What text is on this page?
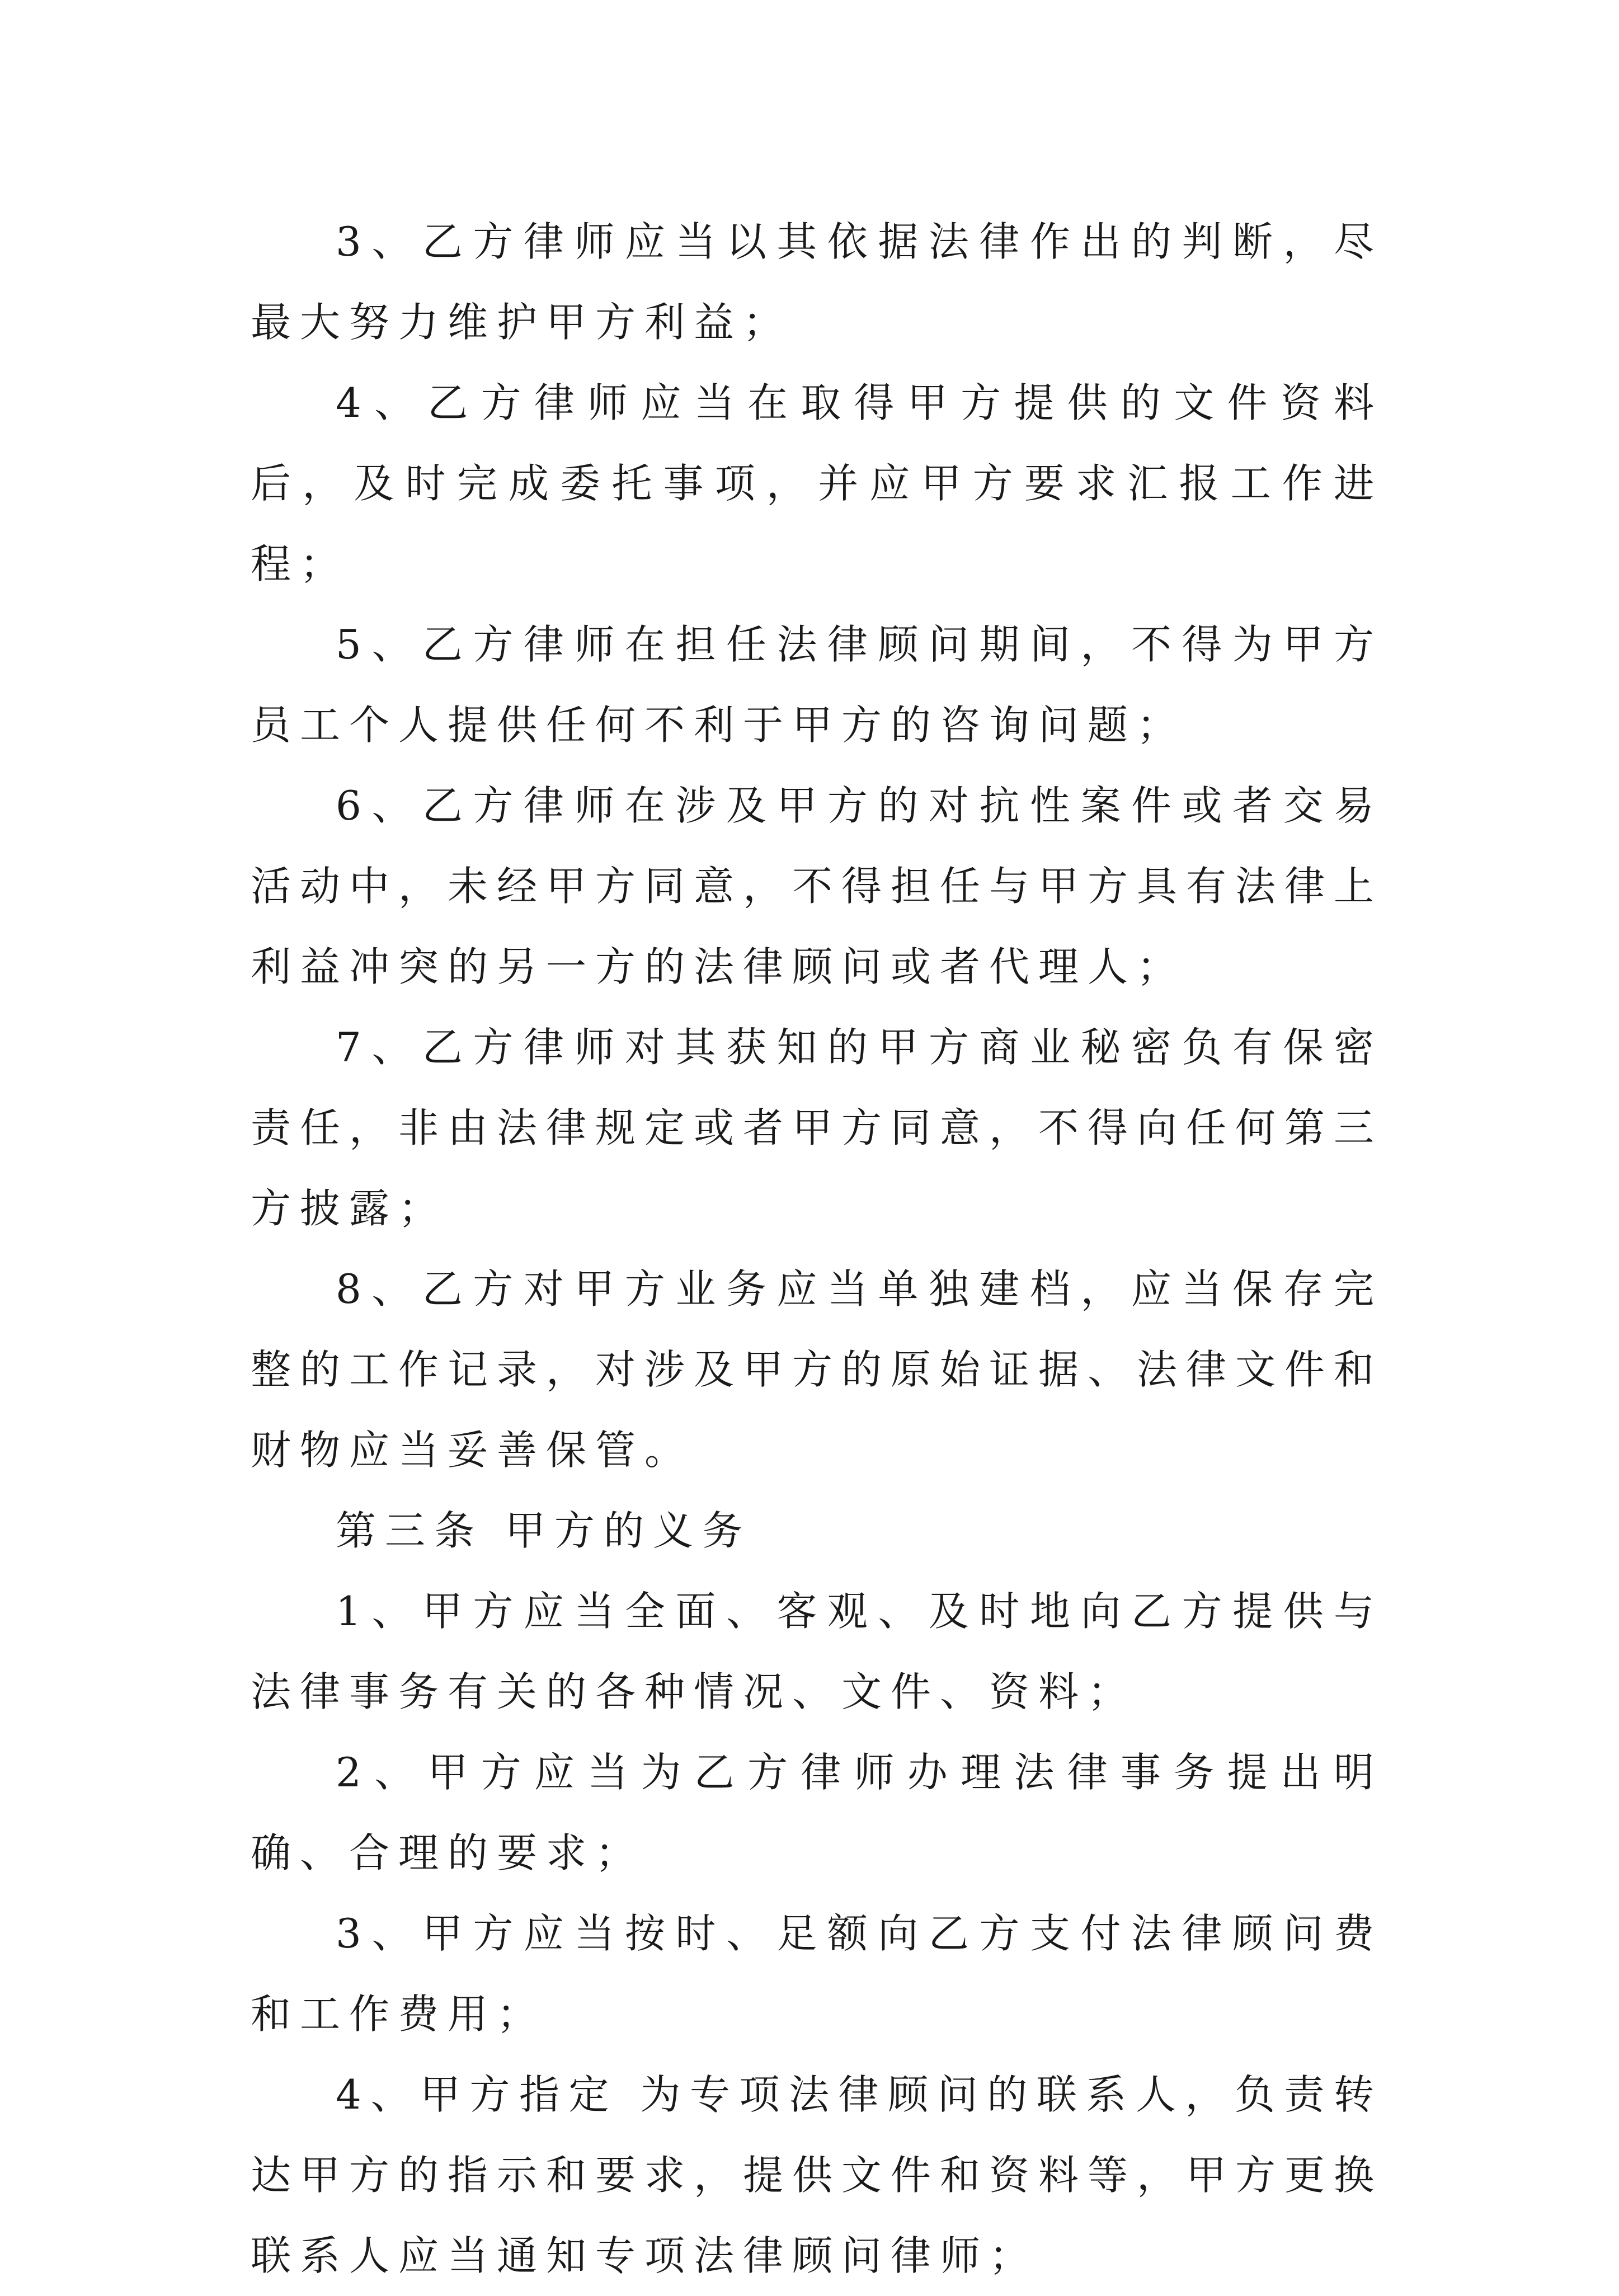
3、乙方律师应当以其依据法律作出的判断，尽最大努力维护甲方利益；

4、乙方律师应当在取得甲方提供的文件资料后，及时完成委托事项，并应甲方要求汇报工作进程；

5、乙方律师在担任法律顾问期间，不得为甲方员工个人提供任何不利于甲方的咨询问题；

6、乙方律师在涉及甲方的对抗性案件或者交易活动中，未经甲方同意，不得担任与甲方具有法律上利益冲突的另一方的法律顾问或者代理人；

7、乙方律师对其获知的甲方商业秘密负有保密责任，非由法律规定或者甲方同意，不得向任何第三方披露；

8、乙方对甲方业务应当单独建档，应当保存完整的工作记录，对涉及甲方的原始证据、法律文件和财物应当妥善保管。

第三条 甲方的义务

1、甲方应当全面、客观、及时地向乙方提供与法律事务有关的各种情况、文件、资料；

2、甲方应当为乙方律师办理法律事务提出明确、合理的要求；

3、甲方应当按时、足额向乙方支付法律顾问费和工作费用；

4、甲方指定 为专项法律顾问的联系人，负责转达甲方的指示和要求，提供文件和资料等，甲方更换联系人应当通知专项法律顾问律师；
